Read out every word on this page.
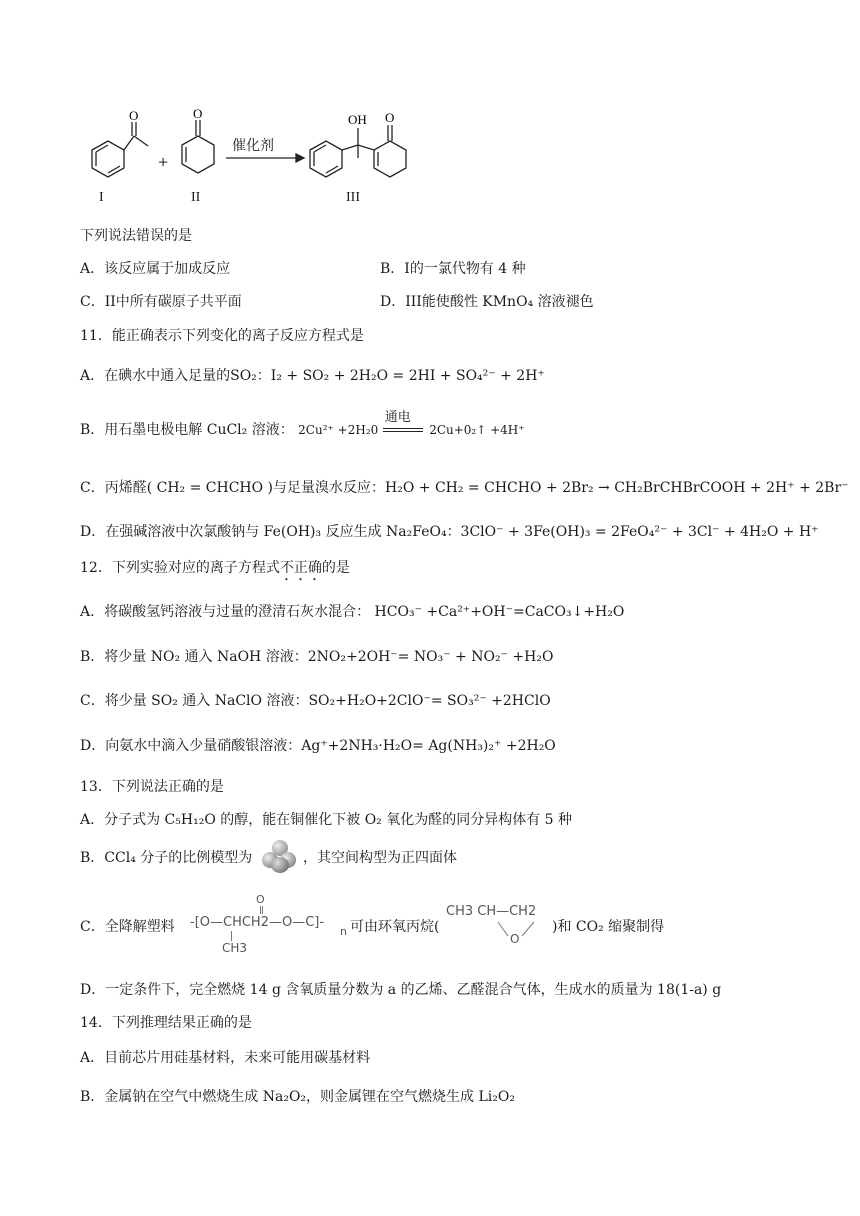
O
+
O
催化剂
OH O
I	II	III
下列说法错误的是
A．该反应属于加成反应	B．I的一氯代物有 4 种
C．II中所有碳原子共平面	D．III能使酸性 KMnO₄ 溶液褪色
11．能正确表示下列变化的离子反应方程式是
A．在碘水中通入足量的SO₂：I₂ + SO₂ + 2H₂O = 2HI + SO₄²⁻ + 2H⁺
B．用石墨电极电解 CuCl₂ 溶液： 2Cu²⁺ +2H₂0
通电
2Cu+0₂↑ +4H⁺
C．丙烯醛( CH₂ = CHCHO )与足量溴水反应：H₂O + CH₂ = CHCHO + 2Br₂ → CH₂BrCHBrCOOH + 2H⁺ + 2Br⁻
D．在强碱溶液中次氯酸钠与 Fe(OH)₃ 反应生成 Na₂FeO₄：3ClO⁻ + 3Fe(OH)₃ = 2FeO₄²⁻ + 3Cl⁻ + 4H₂O + H⁺
12．下列实验对应的离子方程式不正确的是
A．将碳酸氢钙溶液与过量的澄清石灰水混合： HCO₃⁻ +Ca²⁺+OH⁻=CaCO₃↓+H₂O
B．将少量 NO₂ 通入 NaOH 溶液：2NO₂+2OH⁻= NO₃⁻ + NO₂⁻ +H₂O
C．将少量 SO₂ 通入 NaClO 溶液：SO₂+H₂O+2ClO⁻= SO₃²⁻ +2HClO
D．向氨水中滴入少量硝酸银溶液：Ag⁺+2NH₃·H₂O= Ag(NH₃)₂⁺ +2H₂O
13．下列说法正确的是
A．分子式为 C₅H₁₂O 的醇，能在铜催化下被 O₂ 氧化为醛的同分异构体有 5 种
B．CCl₄ 分子的比例模型为	，其空间构型为正四面体
C．全降解塑料
O
-[O—CHCH2—O—C]-
n
CH3
可由环氧丙烷(
CH3 CH—CH2
O
)和 CO₂ 缩聚制得
D．一定条件下，完全燃烧 14 g 含氧质量分数为 a 的乙烯、乙醛混合气体，生成水的质量为 18(1-a) g
14．下列推理结果正确的是
A．目前芯片用硅基材料，未来可能用碳基材料
B．金属钠在空气中燃烧生成 Na₂O₂，则金属锂在空气燃烧生成 Li₂O₂
